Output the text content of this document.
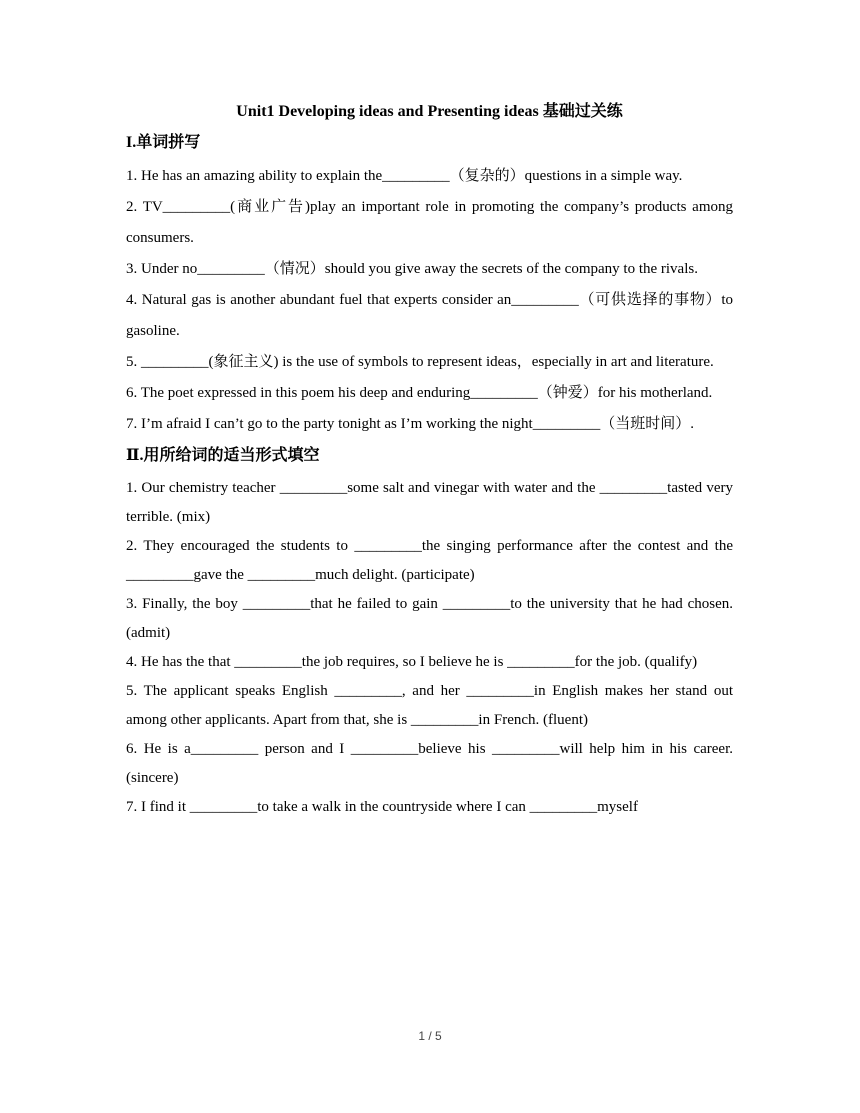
Unit1 Developing ideas and Presenting ideas 基础过关练

I.单词拼写

1. He has an amazing ability to explain the_________（复杂的）questions in a simple way.

2. TV_________(商业广告)play an important role in promoting the company’s products among consumers.

3. Under no_________（情况）should you give away the secrets of the company to the rivals.

4. Natural gas is another abundant fuel that experts consider an_________（可供选择的事物）to gasoline.

5. _________(象征主义) is the use of symbols to represent ideas，especially in art and literature.

6. The poet expressed in this poem his deep and enduring_________（钟爱）for his motherland.

7. I’m afraid I can’t go to the party tonight as I’m working the night_________（当班时间）.

Ⅱ.用所给词的适当形式填空

1. Our chemistry teacher _________some salt and vinegar with water and the _________tasted very terrible. (mix)

2. They encouraged the students to _________the singing performance after the contest and the _________gave the _________much delight. (participate)

3. Finally, the boy _________that he failed to gain _________to the university that he had chosen. (admit)

4. He has the that _________the job requires, so I believe he is _________for the job. (qualify)

5. The applicant speaks English _________, and her _________in English makes her stand out among other applicants. Apart from that, she is _________in French. (fluent)

6. He is a_________ person and I _________believe his _________will help him in his career. (sincere)

7. I find it _________to take a walk in the countryside where I can _________myself

1 / 5
